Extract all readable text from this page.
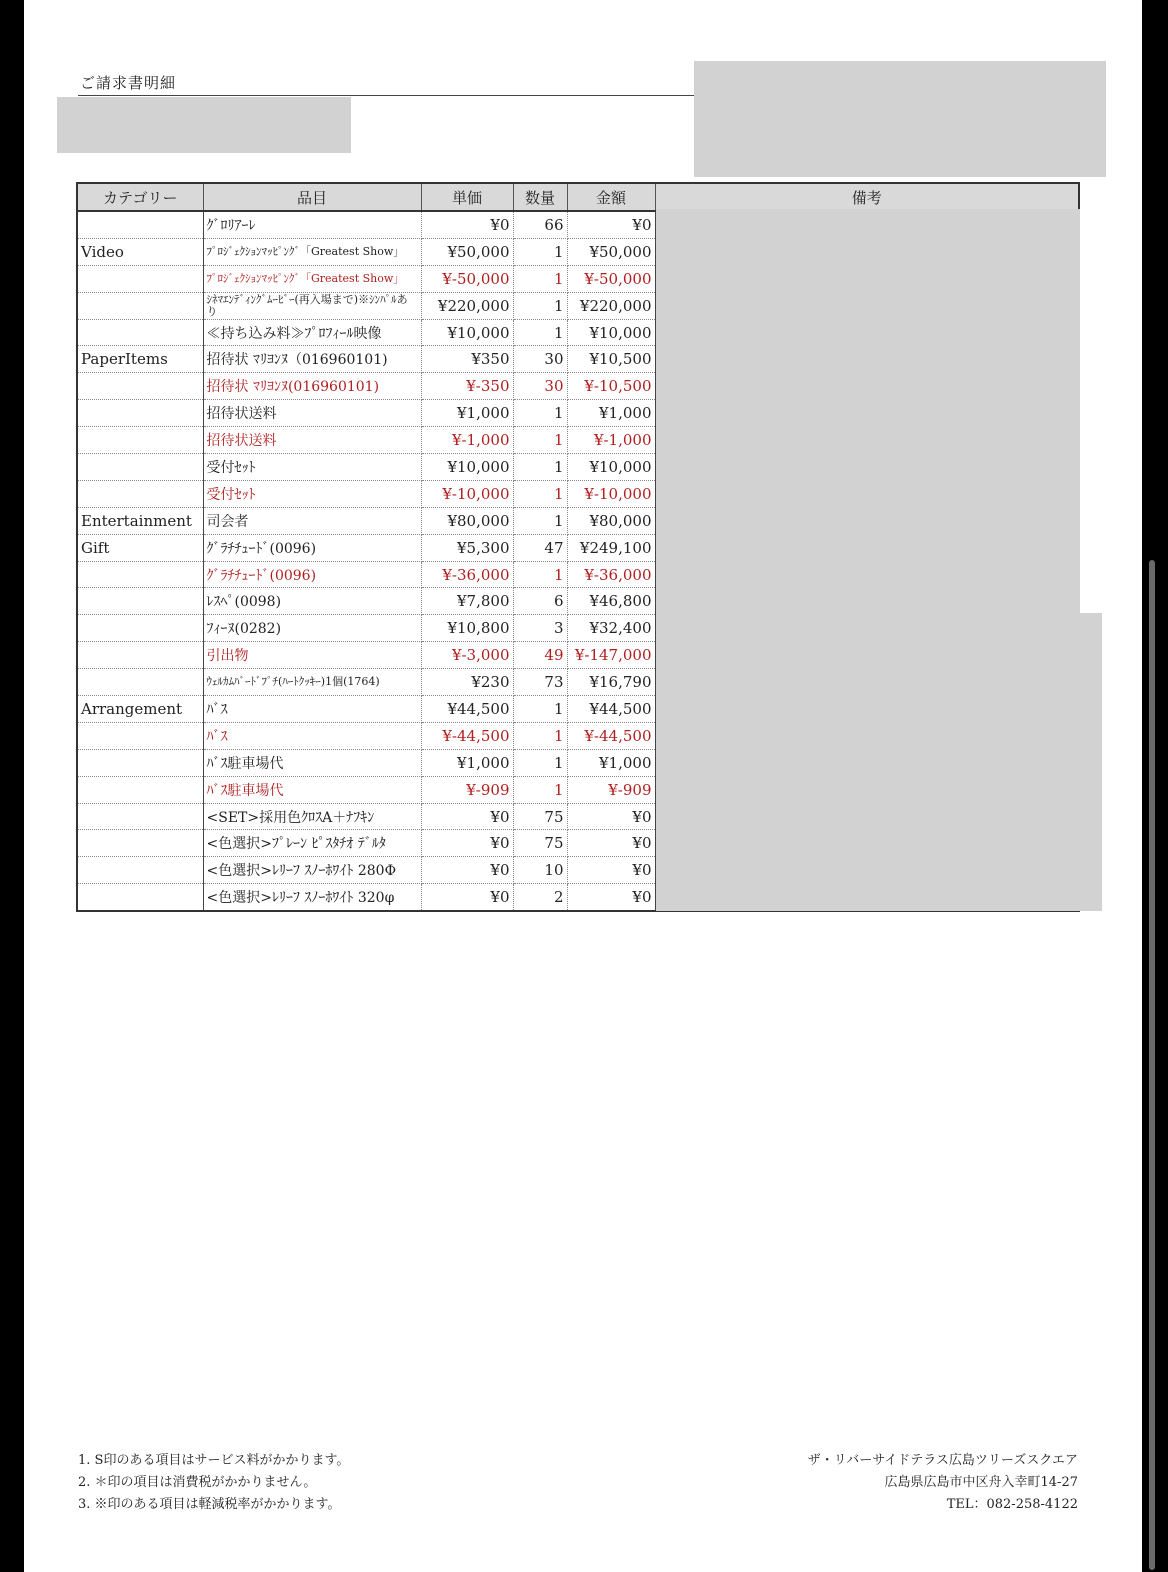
ご請求書明細
カテゴリー	品目	単価	数量	金額	備考
	ｸﾞﾛﾘｱｰﾚ	¥0	66	¥0	
Video	ﾌﾟﾛｼﾞｪｸｼｮﾝﾏｯﾋﾟﾝｸﾞ「Greatest Show」	¥50,000	1	¥50,000	
	ﾌﾟﾛｼﾞｪｸｼｮﾝﾏｯﾋﾟﾝｸﾞ「Greatest Show」	¥-50,000	1	¥-50,000	
	ｼﾈﾏｴﾝﾃﾞｨﾝｸﾞﾑｰﾋﾞｰ(再入場まで)※ｼﾝﾊﾟﾙあり	¥220,000	1	¥220,000	
	≪持ち込み料≫ﾌﾟﾛﾌｨｰﾙ映像	¥10,000	1	¥10,000	
PaperItems	招待状 ﾏﾘﾖﾝﾇ（016960101)	¥350	30	¥10,500	
	招待状 ﾏﾘﾖﾝﾇ(016960101)	¥-350	30	¥-10,500	
	招待状送料	¥1,000	1	¥1,000	
	招待状送料	¥-1,000	1	¥-1,000	
	受付ｾｯﾄ	¥10,000	1	¥10,000	
	受付ｾｯﾄ	¥-10,000	1	¥-10,000	
Entertainment	司会者	¥80,000	1	¥80,000	
Gift	ｸﾞﾗﾁﾁｭｰﾄﾞ(0096)	¥5,300	47	¥249,100	
	ｸﾞﾗﾁﾁｭｰﾄﾞ(0096)	¥-36,000	1	¥-36,000	
	ﾚｽﾍﾟ(0098)	¥7,800	6	¥46,800	
	ﾌｨｰﾇ(0282)	¥10,800	3	¥32,400	
	引出物	¥-3,000	49	¥-147,000	
	ｳｪﾙｶﾑﾊﾞｰﾄﾞﾌﾟﾁ(ﾊｰﾄｸｯｷｰ)1個(1764)	¥230	73	¥16,790	
Arrangement	ﾊﾞｽ	¥44,500	1	¥44,500	
	ﾊﾞｽ	¥-44,500	1	¥-44,500	
	ﾊﾞｽ駐車場代	¥1,000	1	¥1,000	
	ﾊﾞｽ駐車場代	¥-909	1	¥-909	
	<SET>採用色ｸﾛｽA＋ﾅﾌｷﾝ	¥0	75	¥0	
	<色選択>ﾌﾟﾚｰﾝ ﾋﾟｽﾀﾁｵ ﾃﾞﾙﾀ	¥0	75	¥0	
	<色選択>ﾚﾘｰﾌ ｽﾉｰﾎﾜｲﾄ 280Φ	¥0	10	¥0	
	<色選択>ﾚﾘｰﾌ ｽﾉｰﾎﾜｲﾄ 320φ	¥0	2	¥0	
1. S印のある項目はサービス料がかかります。
2. ＊印の項目は消費税がかかりません。
3. ※印のある項目は軽減税率がかかります。
ザ・リバーサイドテラス広島ツリーズスクエア
広島県広島市中区舟入幸町14-27
TEL：082-258-4122
